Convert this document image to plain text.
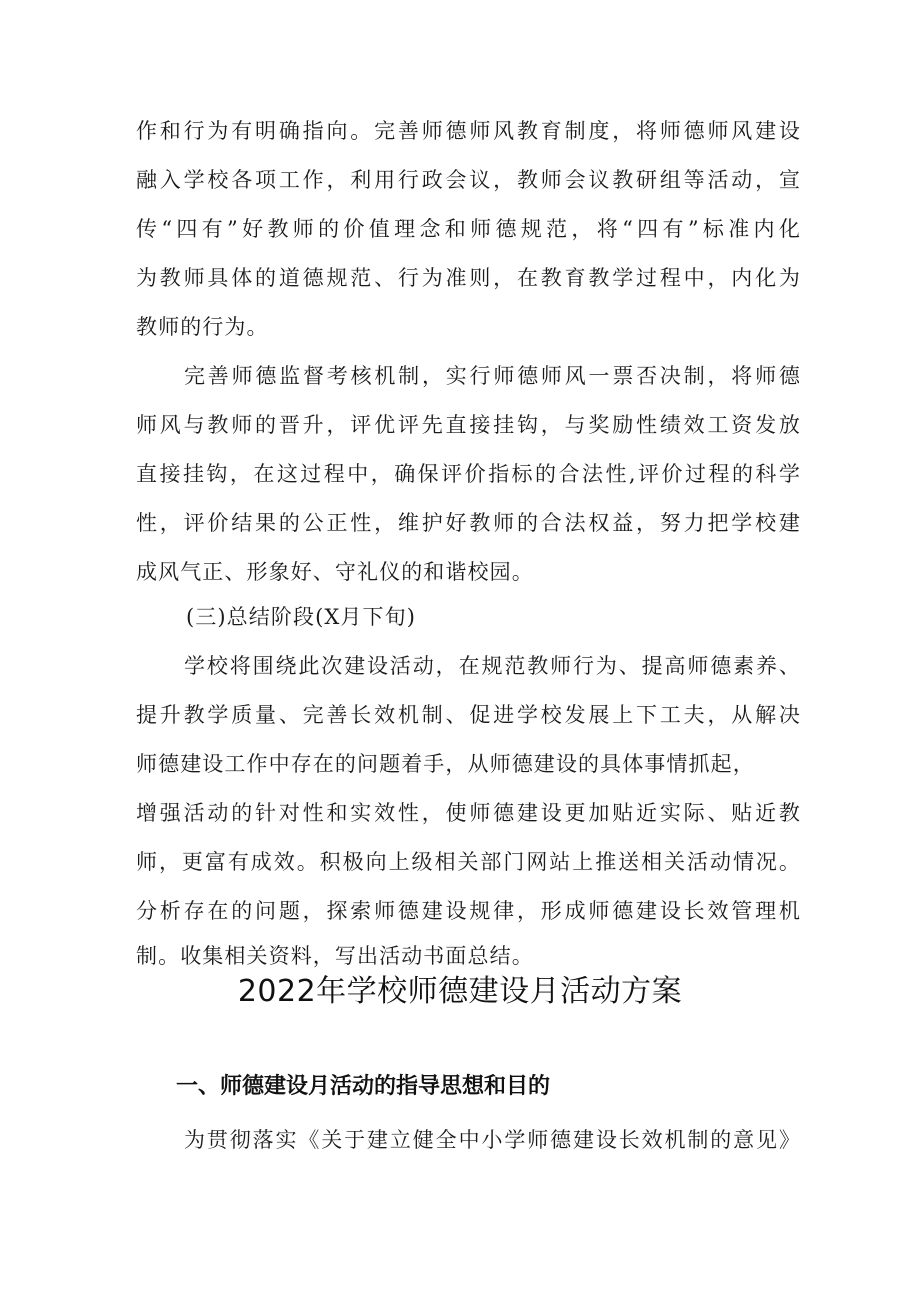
作和行为有明确指向。完善师德师风教育制度，将师德师风建设
融入学校各项工作，利用行政会议，教师会议教研组等活动，宣
传“四有”好教师的价值理念和师德规范，将“四有”标准内化
为教师具体的道德规范、行为准则，在教育教学过程中，内化为
教师的行为。
完善师德监督考核机制，实行师德师风一票否决制，将师德
师风与教师的晋升，评优评先直接挂钩，与奖励性绩效工资发放
直接挂钩，在这过程中，确保评价指标的合法性,评价过程的科学
性，评价结果的公正性，维护好教师的合法权益，努力把学校建
成风气正、形象好、守礼仪的和谐校园。
(三)总结阶段(X月下旬)
学校将围绕此次建设活动，在规范教师行为、提高师德素养、
提升教学质量、完善长效机制、促进学校发展上下工夫，从解决
师德建设工作中存在的问题着手，从师德建设的具体事情抓起，
增强活动的针对性和实效性，使师德建设更加贴近实际、贴近教
师，更富有成效。积极向上级相关部门网站上推送相关活动情况。
分析存在的问题，探索师德建设规律，形成师德建设长效管理机
制。收集相关资料，写出活动书面总结。
2022年学校师德建设月活动方案
一、师德建设月活动的指导思想和目的
为贯彻落实《关于建立健全中小学师德建设长效机制的意见》
